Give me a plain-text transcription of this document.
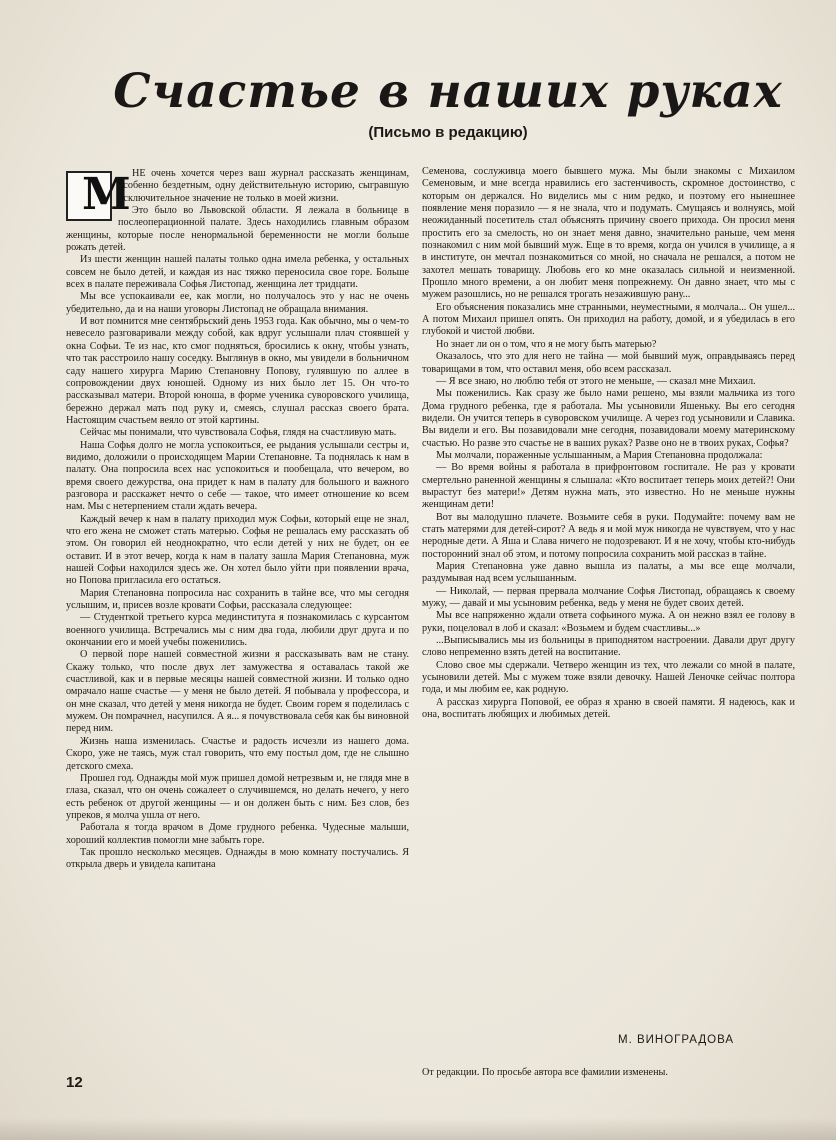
Счастье в наших руках
(Письмо в редакцию)

М НЕ очень хочется через ваш журнал рассказать женщинам, особенно бездетным, одну действительную историю, сыгравшую исключительное значение не только в моей жизни.

Это было во Львовской области. Я лежала в больнице в послеоперационной палате. Здесь находились главным образом женщины, которые после ненормальной беременности не могли больше рожать детей.

Из шести женщин нашей палаты только одна имела ребенка, у остальных совсем не было детей, и каждая из нас тяжко переносила свое горе. Больше всех в палате переживала Софья Листопад, женщина лет тридцати.

Мы все успокаивали ее, как могли, но получалось это у нас не очень убедительно, да и на наши уговоры Листопад не обращала внимания.

И вот помнится мне сентябрьский день 1953 года. Как обычно, мы о чем-то невесело разговаривали между собой, как вдруг услышали плач стоявшей у окна Софьи. Те из нас, кто смог подняться, бросились к окну, чтобы узнать, что так расстроило нашу соседку. Выглянув в окно, мы увидели в больничном саду нашего хирурга Марию Степановну Попову, гулявшую по аллее в сопровождении двух юношей. Одному из них было лет 15. Он что-то рассказывал матери. Второй юноша, в форме ученика суворовского училища, бережно держал мать под руку и, смеясь, слушал рассказ своего брата. Настоящим счастьем веяло от этой картины.

Сейчас мы понимали, что чувствовала Софья, глядя на счастливую мать.

Наша Софья долго не могла успокоиться, ее рыдания услышали сестры и, видимо, доложили о происходящем Марии Степановне. Та поднялась к нам в палату. Она попросила всех нас успокоиться и пообещала, что вечером, во время своего дежурства, она придет к нам в палату для большого и важного разговора и расскажет нечто о себе — такое, что имеет отношение ко всем нам. Мы с нетерпением стали ждать вечера.

Каждый вечер к нам в палату приходил муж Софьи, который еще не знал, что его жена не сможет стать матерью. Софья не решалась ему рассказать об этом. Он говорил ей неоднократно, что если детей у них не будет, он ее оставит. И в этот вечер, когда к нам в палату зашла Мария Степановна, муж нашей Софьи находился здесь же. Он хотел было уйти при появлении врача, но Попова пригласила его остаться.

Мария Степановна попросила нас сохранить в тайне все, что мы сегодня услышим, и, присев возле кровати Софьи, рассказала следующее:

— Студенткой третьего курса мединститута я познакомилась с курсантом военного училища. Встречались мы с ним два года, любили друг друга и по окончании его и моей учебы поженились.

О первой поре нашей совместной жизни я рассказывать вам не стану. Скажу только, что после двух лет замужества я оставалась такой же счастливой, как и в первые месяцы нашей совместной жизни. И только одно омрачало наше счастье — у меня не было детей. Я побывала у профессора, и он мне сказал, что детей у меня никогда не будет. Своим горем я поделилась с мужем. Он помрачнел, насупился. А я... я почувствовала себя как бы виновной перед ним.

Жизнь наша изменилась. Счастье и радость исчезли из нашего дома. Скоро, уже не таясь, муж стал говорить, что ему постыл дом, где не слышно детского смеха.

Прошел год. Однажды мой муж пришел домой нетрезвым и, не глядя мне в глаза, сказал, что он очень сожалеет о случившемся, но делать нечего, у него есть ребенок от другой женщины — и он должен быть с ним. Без слов, без упреков, я молча ушла от него.

Работала я тогда врачом в Доме грудного ребенка. Чудесные малыши, хороший коллектив помогли мне забыть горе.

Так прошло несколько месяцев. Однажды в мою комнату постучались. Я открыла дверь и увидела капитана

Семенова, сослуживца моего бывшего мужа. Мы были знакомы с Михаилом Семеновым, и мне всегда нравились его застенчивость, скромное достоинство, с которым он держался. Но виделись мы с ним редко, и поэтому его нынешнее появление меня поразило — я не знала, что и подумать. Смущаясь и волнуясь, мой неожиданный посетитель стал объяснять причину своего прихода. Он просил меня простить его за смелость, но он знает меня давно, значительно раньше, чем меня познакомил с ним мой бывший муж. Еще в то время, когда он учился в училище, а я в институте, он мечтал познакомиться со мной, но сначала не решался, а потом не захотел мешать товарищу. Любовь его ко мне оказалась сильной и неизменной. Прошло много времени, а он любит меня попрежнему. Он давно знает, что мы с мужем разошлись, но не решался трогать незажившую рану...

Его объяснения показались мне странными, неуместными, я молчала... Он ушел... А потом Михаил пришел опять. Он приходил на работу, домой, и я убедилась в его глубокой и чистой любви.

Но знает ли он о том, что я не могу быть матерью?

Оказалось, что это для него не тайна — мой бывший муж, оправдываясь перед товарищами в том, что оставил меня, обо всем рассказал.

— Я все знаю, но люблю тебя от этого не меньше, — сказал мне Михаил.

Мы поженились. Как сразу же было нами решено, мы взяли мальчика из того Дома грудного ребенка, где я работала. Мы усыновили Яшеньку. Вы его сегодня видели. Он учится теперь в суворовском училище. А через год усыновили и Славика. Вы видели и его. Вы позавидовали мне сегодня, позавидовали моему материнскому счастью. Но разве это счастье не в ваших руках? Разве оно не в твоих руках, Софья?

Мы молчали, пораженные услышанным, а Мария Степановна продолжала:

— Во время войны я работала в прифронтовом госпитале. Не раз у кровати смертельно раненной женщины я слышала: «Кто воспитает теперь моих детей?! Они вырастут без матери!» Детям нужна мать, это известно. Но не меньше нужны женщинам дети!

Вот вы малодушно плачете. Возьмите себя в руки. Подумайте: почему вам не стать матерями для детей-сирот? А ведь я и мой муж никогда не чувствуем, что у нас неродные дети. А Яша и Слава ничего не подозревают. И я не хочу, чтобы кто-нибудь посторонний знал об этом, и потому попросила сохранить мой рассказ в тайне.

Мария Степановна уже давно вышла из палаты, а мы все еще молчали, раздумывая над всем услышанным.

— Николай, — первая прервала молчание Софья Листопад, обращаясь к своему мужу, — давай и мы усыновим ребенка, ведь у меня не будет своих детей.

Мы все напряженно ждали ответа софьиного мужа. А он нежно взял ее голову в руки, поцеловал в лоб и сказал: «Возьмем и будем счастливы...»

...Выписывались мы из больницы в приподнятом настроении. Давали друг другу слово непременно взять детей на воспитание.

Слово свое мы сдержали. Четверо женщин из тех, что лежали со мной в палате, усыновили детей. Мы с мужем тоже взяли девочку. Нашей Леночке сейчас полтора года, и мы любим ее, как родную.

А рассказ хирурга Поповой, ее образ я храню в своей памяти. Я надеюсь, как и она, воспитать любящих и любимых детей.

М. ВИНОГРАДОВА
От редакции. По просьбе автора все фамилии изменены.
12
